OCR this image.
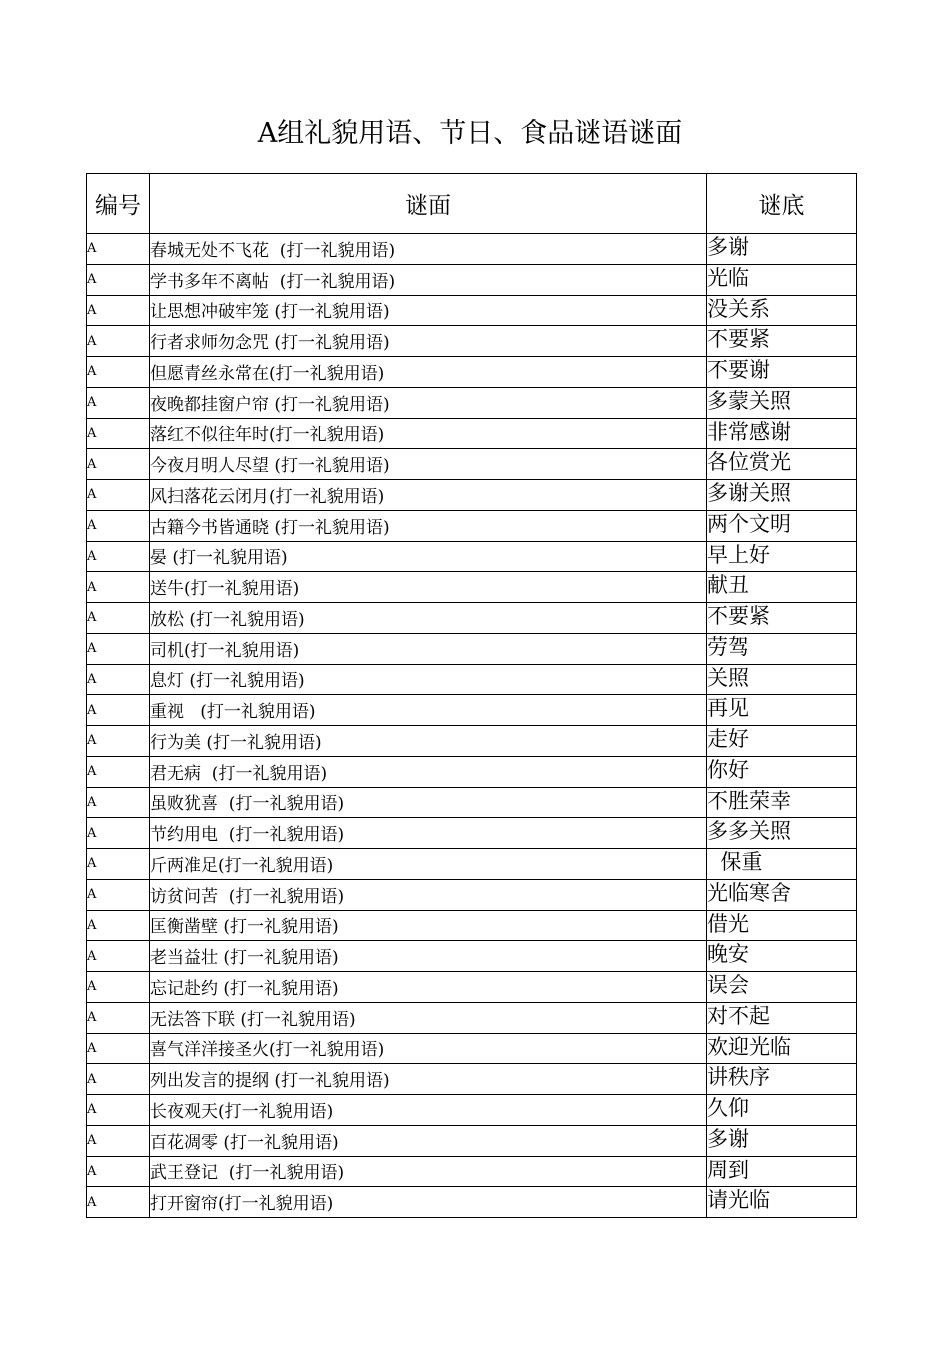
A组礼貌用语、节日、食品谜语谜面
编号	谜面	谜底
A	春城无处不飞花  (打一礼貌用语)	多谢
A	学书多年不离帖  (打一礼貌用语)	光临
A	让思想冲破牢笼 (打一礼貌用语)	没关系
A	行者求师勿念咒 (打一礼貌用语)	不要紧
A	但愿青丝永常在(打一礼貌用语)	不要谢
A	夜晚都挂窗户帘 (打一礼貌用语)	多蒙关照
A	落红不似往年时(打一礼貌用语)	非常感谢
A	今夜月明人尽望 (打一礼貌用语)	各位赏光
A	风扫落花云闭月(打一礼貌用语)	多谢关照
A	古籍今书皆通晓 (打一礼貌用语)	两个文明
A	晏 (打一礼貌用语)	早上好
A	送牛(打一礼貌用语)	献丑
A	放松 (打一礼貌用语)	不要紧
A	司机(打一礼貌用语)	劳驾
A	息灯 (打一礼貌用语)	关照
A	重视   (打一礼貌用语)	再见
A	行为美 (打一礼貌用语)	走好
A	君无病  (打一礼貌用语)	你好
A	虽败犹喜  (打一礼貌用语)	不胜荣幸
A	节约用电  (打一礼貌用语)	多多关照
A	斤两准足(打一礼貌用语)	保重
A	访贫问苦  (打一礼貌用语)	光临寒舍
A	匡衡凿壁 (打一礼貌用语)	借光
A	老当益壮 (打一礼貌用语)	晚安
A	忘记赴约 (打一礼貌用语)	误会
A	无法答下联 (打一礼貌用语)	对不起
A	喜气洋洋接圣火(打一礼貌用语)	欢迎光临
A	列出发言的提纲 (打一礼貌用语)	讲秩序
A	长夜观天(打一礼貌用语)	久仰
A	百花凋零 (打一礼貌用语)	多谢
A	武王登记  (打一礼貌用语)	周到
A	打开窗帘(打一礼貌用语)	请光临
